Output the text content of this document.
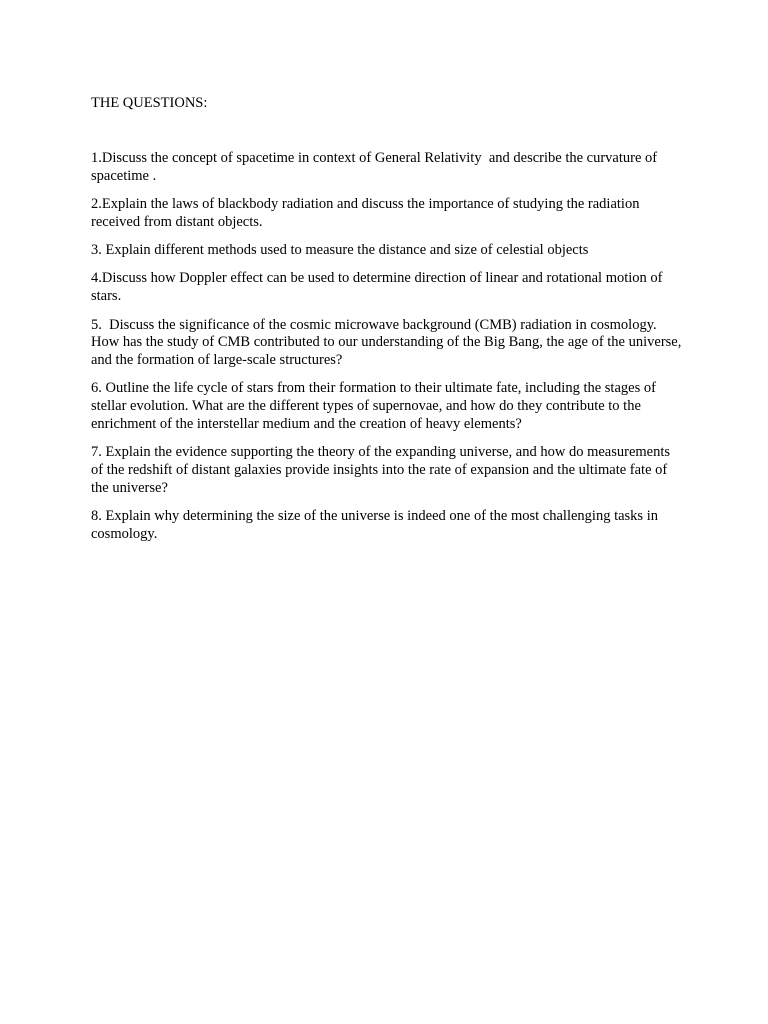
THE QUESTIONS:

1.Discuss the concept of spacetime in context of General Relativity  and describe the curvature of spacetime .
2.Explain the laws of blackbody radiation and discuss the importance of studying the radiation received from distant objects.
3. Explain different methods used to measure the distance and size of celestial objects
4.Discuss how Doppler effect can be used to determine direction of linear and rotational motion of stars.
5.  Discuss the significance of the cosmic microwave background (CMB) radiation in cosmology. How has the study of CMB contributed to our understanding of the Big Bang, the age of the universe, and the formation of large-scale structures?
6. Outline the life cycle of stars from their formation to their ultimate fate, including the stages of stellar evolution. What are the different types of supernovae, and how do they contribute to the enrichment of the interstellar medium and the creation of heavy elements?
7. Explain the evidence supporting the theory of the expanding universe, and how do measurements of the redshift of distant galaxies provide insights into the rate of expansion and the ultimate fate of the universe?
8. Explain why determining the size of the universe is indeed one of the most challenging tasks in cosmology.
